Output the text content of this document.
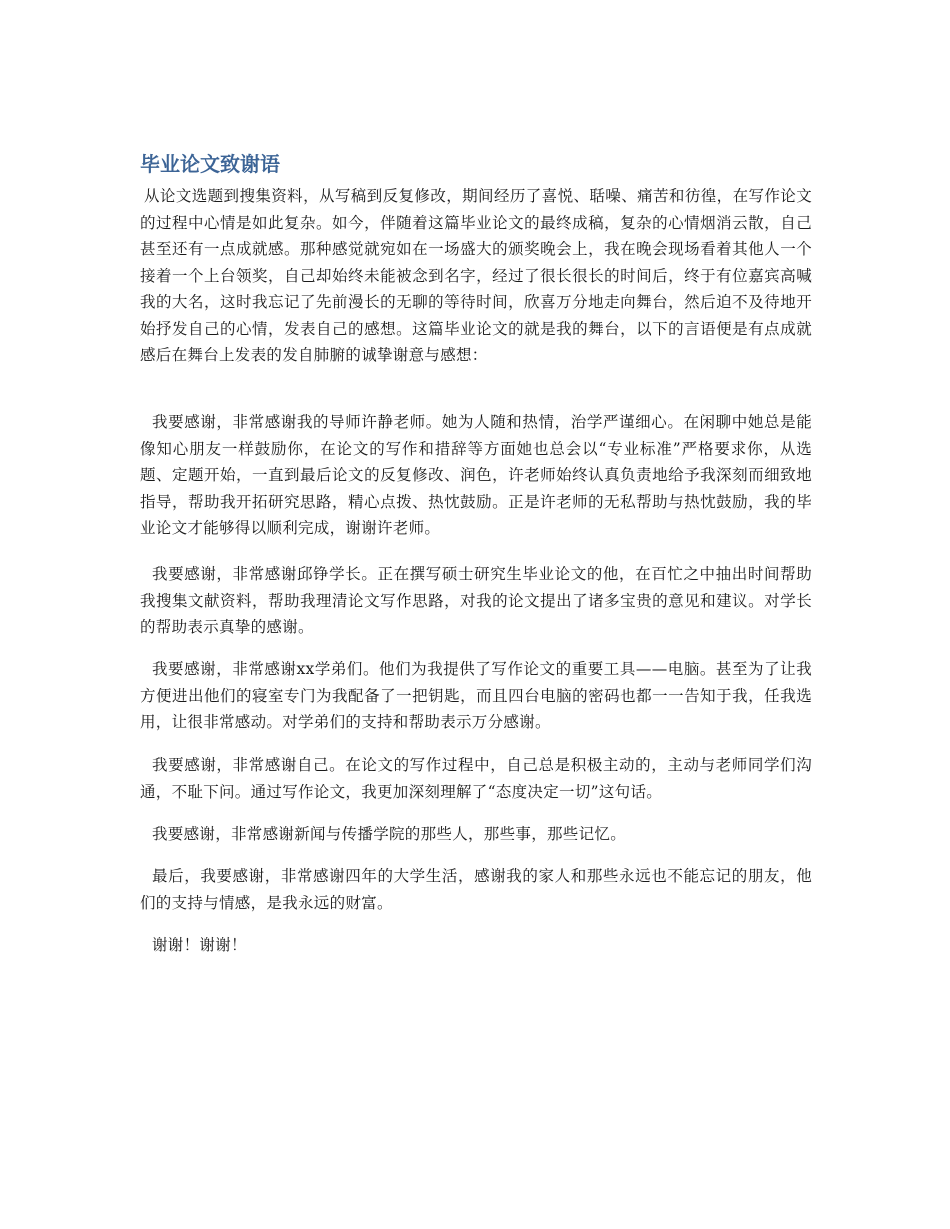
毕业论文致谢语

从论文选题到搜集资料，从写稿到反复修改，期间经历了喜悦、聒噪、痛苦和彷徨，在写作论文的过程中心情是如此复杂。如今，伴随着这篇毕业论文的最终成稿，复杂的心情烟消云散，自己甚至还有一点成就感。那种感觉就宛如在一场盛大的颁奖晚会上，我在晚会现场看着其他人一个接着一个上台领奖，自己却始终未能被念到名字，经过了很长很长的时间后，终于有位嘉宾高喊我的大名，这时我忘记了先前漫长的无聊的等待时间，欣喜万分地走向舞台，然后迫不及待地开始抒发自己的心情，发表自己的感想。这篇毕业论文的就是我的舞台，以下的言语便是有点成就感后在舞台上发表的发自肺腑的诚挚谢意与感想：

我要感谢，非常感谢我的导师许静老师。她为人随和热情，治学严谨细心。在闲聊中她总是能像知心朋友一样鼓励你，在论文的写作和措辞等方面她也总会以“专业标准”严格要求你，从选题、定题开始，一直到最后论文的反复修改、润色，许老师始终认真负责地给予我深刻而细致地指导，帮助我开拓研究思路，精心点拨、热忱鼓励。正是许老师的无私帮助与热忱鼓励，我的毕业论文才能够得以顺利完成，谢谢许老师。

我要感谢，非常感谢邱铮学长。正在撰写硕士研究生毕业论文的他，在百忙之中抽出时间帮助我搜集文献资料，帮助我理清论文写作思路，对我的论文提出了诸多宝贵的意见和建议。对学长的帮助表示真挚的感谢。

我要感谢，非常感谢xx学弟们。他们为我提供了写作论文的重要工具——电脑。甚至为了让我方便进出他们的寝室专门为我配备了一把钥匙，而且四台电脑的密码也都一一告知于我，任我选用，让很非常感动。对学弟们的支持和帮助表示万分感谢。

我要感谢，非常感谢自己。在论文的写作过程中，自己总是积极主动的，主动与老师同学们沟通，不耻下问。通过写作论文，我更加深刻理解了“态度决定一切”这句话。

我要感谢，非常感谢新闻与传播学院的那些人，那些事，那些记忆。

最后，我要感谢，非常感谢四年的大学生活，感谢我的家人和那些永远也不能忘记的朋友，他们的支持与情感，是我永远的财富。

谢谢！谢谢！
